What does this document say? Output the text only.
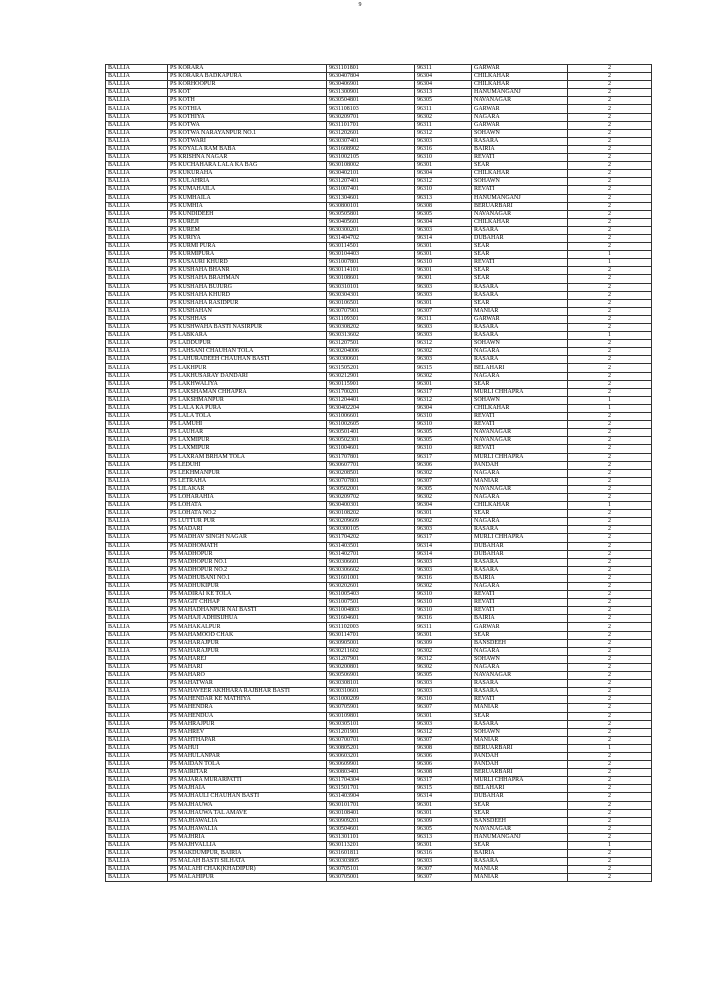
9
BALLIA	PS KORARA	9631101801	96311	GARWAR	2
BALLIA	PS KORARA BADKAPURA	9630407804	96304	CHILKAHAR	2
BALLIA	PS KORHOOPUR	9630406901	96304	CHILKAHAR	2
BALLIA	PS KOT	9631300901	96313	HANUMANGANJ	2
BALLIA	PS KOTH	9630504801	96305	NAVANAGAR	2
BALLIA	PS KOTHIA	9631108103	96311	GARWAR	2
BALLIA	PS KOTHIYA	9630209701	96302	NAGARA	2
BALLIA	PS KOTWA	9631101701	96311	GARWAR	2
BALLIA	PS KOTWA NARAYANPUR NO.1	9631202601	96312	SOHAWN	2
BALLIA	PS KOTWARI	9630307401	96303	RASARA	2
BALLIA	PS KOYALA RAM BABA	9631608902	96316	BAIRIA	2
BALLIA	PS KRISHNA NAGAR	9631002105	96310	REVATI	2
BALLIA	PS KUCHAHARA LALA KA BAG	9630108002	96301	SEAR	2
BALLIA	PS KUKURAHA	9630402101	96304	CHILKAHAR	2
BALLIA	PS KULAHRIA	9631207401	96312	SOHAWN	2
BALLIA	PS KUMAHAILA	9631007401	96310	REVATI	2
BALLIA	PS KUMHAILA	9631304601	96313	HANUMANGANJ	2
BALLIA	PS KUMHIA	9630800101	96308	BERUARBARI	2
BALLIA	PS KUNDIDEEH	9630505801	96305	NAVANAGAR	2
BALLIA	PS KUREJI	9630405601	96304	CHILKAHAR	2
BALLIA	PS KUREM	9630300201	96303	RASARA	2
BALLIA	PS KURIYA	9631404702	96314	DUBAHAR	2
BALLIA	PS KURMI PURA	9630114501	96301	SEAR	2
BALLIA	PS KURMIPURA	9630104403	96301	SEAR	1
BALLIA	PS KUSAURI KHURD	9631007801	96310	REVATI	1
BALLIA	PS KUSHAHA BHANR	9630114101	96301	SEAR	2
BALLIA	PS KUSHAHA BRAHMAN	9630108601	96301	SEAR	2
BALLIA	PS KUSHAHA BUJURG	9630310101	96303	RASARA	2
BALLIA	PS KUSHAHA KHURD	9630304301	96303	RASARA	2
BALLIA	PS KUSHAHA RASIDPUR	9630106501	96301	SEAR	2
BALLIA	PS KUSHAHAN	9630707901	96307	MANIAR	2
BALLIA	PS KUSHHAS	9631109301	96311	GARWAR	2
BALLIA	PS KUSHWAHA BASTI NASIRPUR	9630308202	96303	RASARA	2
BALLIA	PS LABKARA	9630313602	96303	RASARA	1
BALLIA	PS LADDUPUR	9631207501	96312	SOHAWN	2
BALLIA	PS LAHSANI CHAUHAN TOLA	9630204006	96302	NAGARA	2
BALLIA	PS LAHURADEEH CHAUHAN BASTI	9630300601	96303	RASARA	2
BALLIA	PS LAKHPUR	9631505201	96315	BELAHARI	2
BALLIA	PS LAKHUSARAY DANDARI	9630212901	96302	NAGARA	2
BALLIA	PS LAKHWALIYA	9630115901	96301	SEAR	2
BALLIA	PS LAKSHAMAN CHHAPRA	9631700201	96317	MURLI CHHAPRA	2
BALLIA	PS LAKSHMANPUR	9631204401	96312	SOHAWN	1
BALLIA	PS LALA KA PURA	9630402204	96304	CHILKAHAR	1
BALLIA	PS LALA TOLA	9631006601	96310	REVATI	2
BALLIA	PS LAMUHI	9631002605	96310	REVATI	2
BALLIA	PS LAUHAR	9630501401	96305	NAVANAGAR	2
BALLIA	PS LAXMIPUR	9630502301	96305	NAVANAGAR	2
BALLIA	PS LAXMIPUR	9631004601	96310	REVATI	2
BALLIA	PS LAXRAM BRHAM TOLA	9631707801	96317	MURLI CHHAPRA	2
BALLIA	PS LEDUHI	9630607701	96306	PANDAH	2
BALLIA	PS LEKHMANPUR	9630208501	96302	NAGARA	2
BALLIA	PS LETRAHA	9630707801	96307	MANIAR	2
BALLIA	PS LILAKAR	9630502001	96305	NAVANAGAR	2
BALLIA	PS LOHARAHIA	9630209702	96302	NAGARA	2
BALLIA	PS LOHATA	9630400301	96304	CHILKAHAR	1
BALLIA	PS LOHATA NO.2	9630108202	96301	SEAR	2
BALLIA	PS LUTTUR PUR	9630209609	96302	NAGARA	2
BALLIA	PS MADARI	9630300105	96303	RASARA	2
BALLIA	PS MADHAV SINGH NAGAR	9631704202	96317	MURLI CHHAPRA	2
BALLIA	PS MADHOMATH	9631403501	96314	DUBAHAR	2
BALLIA	PS MADHOPUR	9631402701	96314	DUBAHAR	2
BALLIA	PS MADHOPUR NO.1	9630306601	96303	RASARA	2
BALLIA	PS MADHOPUR NO.2	9630306602	96303	RASARA	2
BALLIA	PS MADHUBANI NO.1	9631601001	96316	BAIRIA	2
BALLIA	PS MADHUKIPUR	9630202601	96302	NAGARA	2
BALLIA	PS MADIRAI KE TOLA	9631005403	96310	REVATI	2
BALLIA	PS MAGIT CHHAP	9631007501	96310	REVATI	2
BALLIA	PS MAHADHANPUR NAI BASTI	9631004803	96310	REVATI	2
BALLIA	PS MAHAJI ADHISIJHUA	9631604601	96316	BAIRIA	2
BALLIA	PS MAHAKALPUR	9631102003	96311	GARWAR	2
BALLIA	PS MAHAMOOD CHAK	9630114701	96301	SEAR	2
BALLIA	PS MAHARAJPUR	9630905001	96309	BANSDEEH	2
BALLIA	PS MAHARAJPUR	9630211602	96302	NAGARA	2
BALLIA	PS MAHAREJ	9631207901	96312	SOHAWN	2
BALLIA	PS MAHARI	9630200801	96302	NAGARA	2
BALLIA	PS MAHARO	9630506901	96305	NAVANAGAR	2
BALLIA	PS MAHATWAR	9630308101	96303	RASARA	2
BALLIA	PS MAHAVEER AKHHARA RAJBHAR BASTI	9630310601	96303	RASARA	2
BALLIA	PS MAHENDAR KE MATHIYA	9631000209	96310	REVATI	2
BALLIA	PS MAHENDRA	9630705901	96307	MANIAR	2
BALLIA	PS MAHENDUA	9630109801	96301	SEAR	2
BALLIA	PS MAHRAJPUR	9630305101	96303	RASARA	2
BALLIA	PS MAHREV	9631201901	96312	SOHAWN	2
BALLIA	PS MAHTHAPAR	9630700701	96307	MANIAR	2
BALLIA	PS MAHUI	9630805201	96308	BERUARBARI	1
BALLIA	PS MAHULANPAR	9630603201	96306	PANDAH	2
BALLIA	PS MAIDAN TOLA	9630609901	96306	PANDAH	2
BALLIA	PS MAIRITAR	9630803401	96308	BERUARBARI	2
BALLIA	PS MAJARA MURARPATTI	9631704304	96317	MURLI CHHAPRA	2
BALLIA	PS MAJHAIA	9631501701	96315	BELAHARI	2
BALLIA	PS MAJHAULI CHAUHAN BASTI	9631403904	96314	DUBAHAR	2
BALLIA	PS MAJHAUWA	9630101701	96301	SEAR	2
BALLIA	PS MAJHAUWA TAL AMAVE	9630108401	96301	SEAR	2
BALLIA	PS MAJHAWALIA	9630909201	96309	BANSDEEH	2
BALLIA	PS MAJHAWALIA	9630504601	96305	NAVANAGAR	2
BALLIA	PS MAJHRIA	9631301101	96313	HANUMANGANJ	2
BALLIA	PS MAJHVALLIA	9630113201	96301	SEAR	1
BALLIA	PS MAKDUMPUR, BAIRIA	9631601811	96316	BAIRIA	2
BALLIA	PS MALAH BASTI SILHATA	9630303805	96303	RASARA	2
BALLIA	PS MALAHI CHAK(KHADIPUR)	9630705101	96307	MANIAR	2
BALLIA	PS MALAHIPUR	9630705001	96307	MANIAR	2
